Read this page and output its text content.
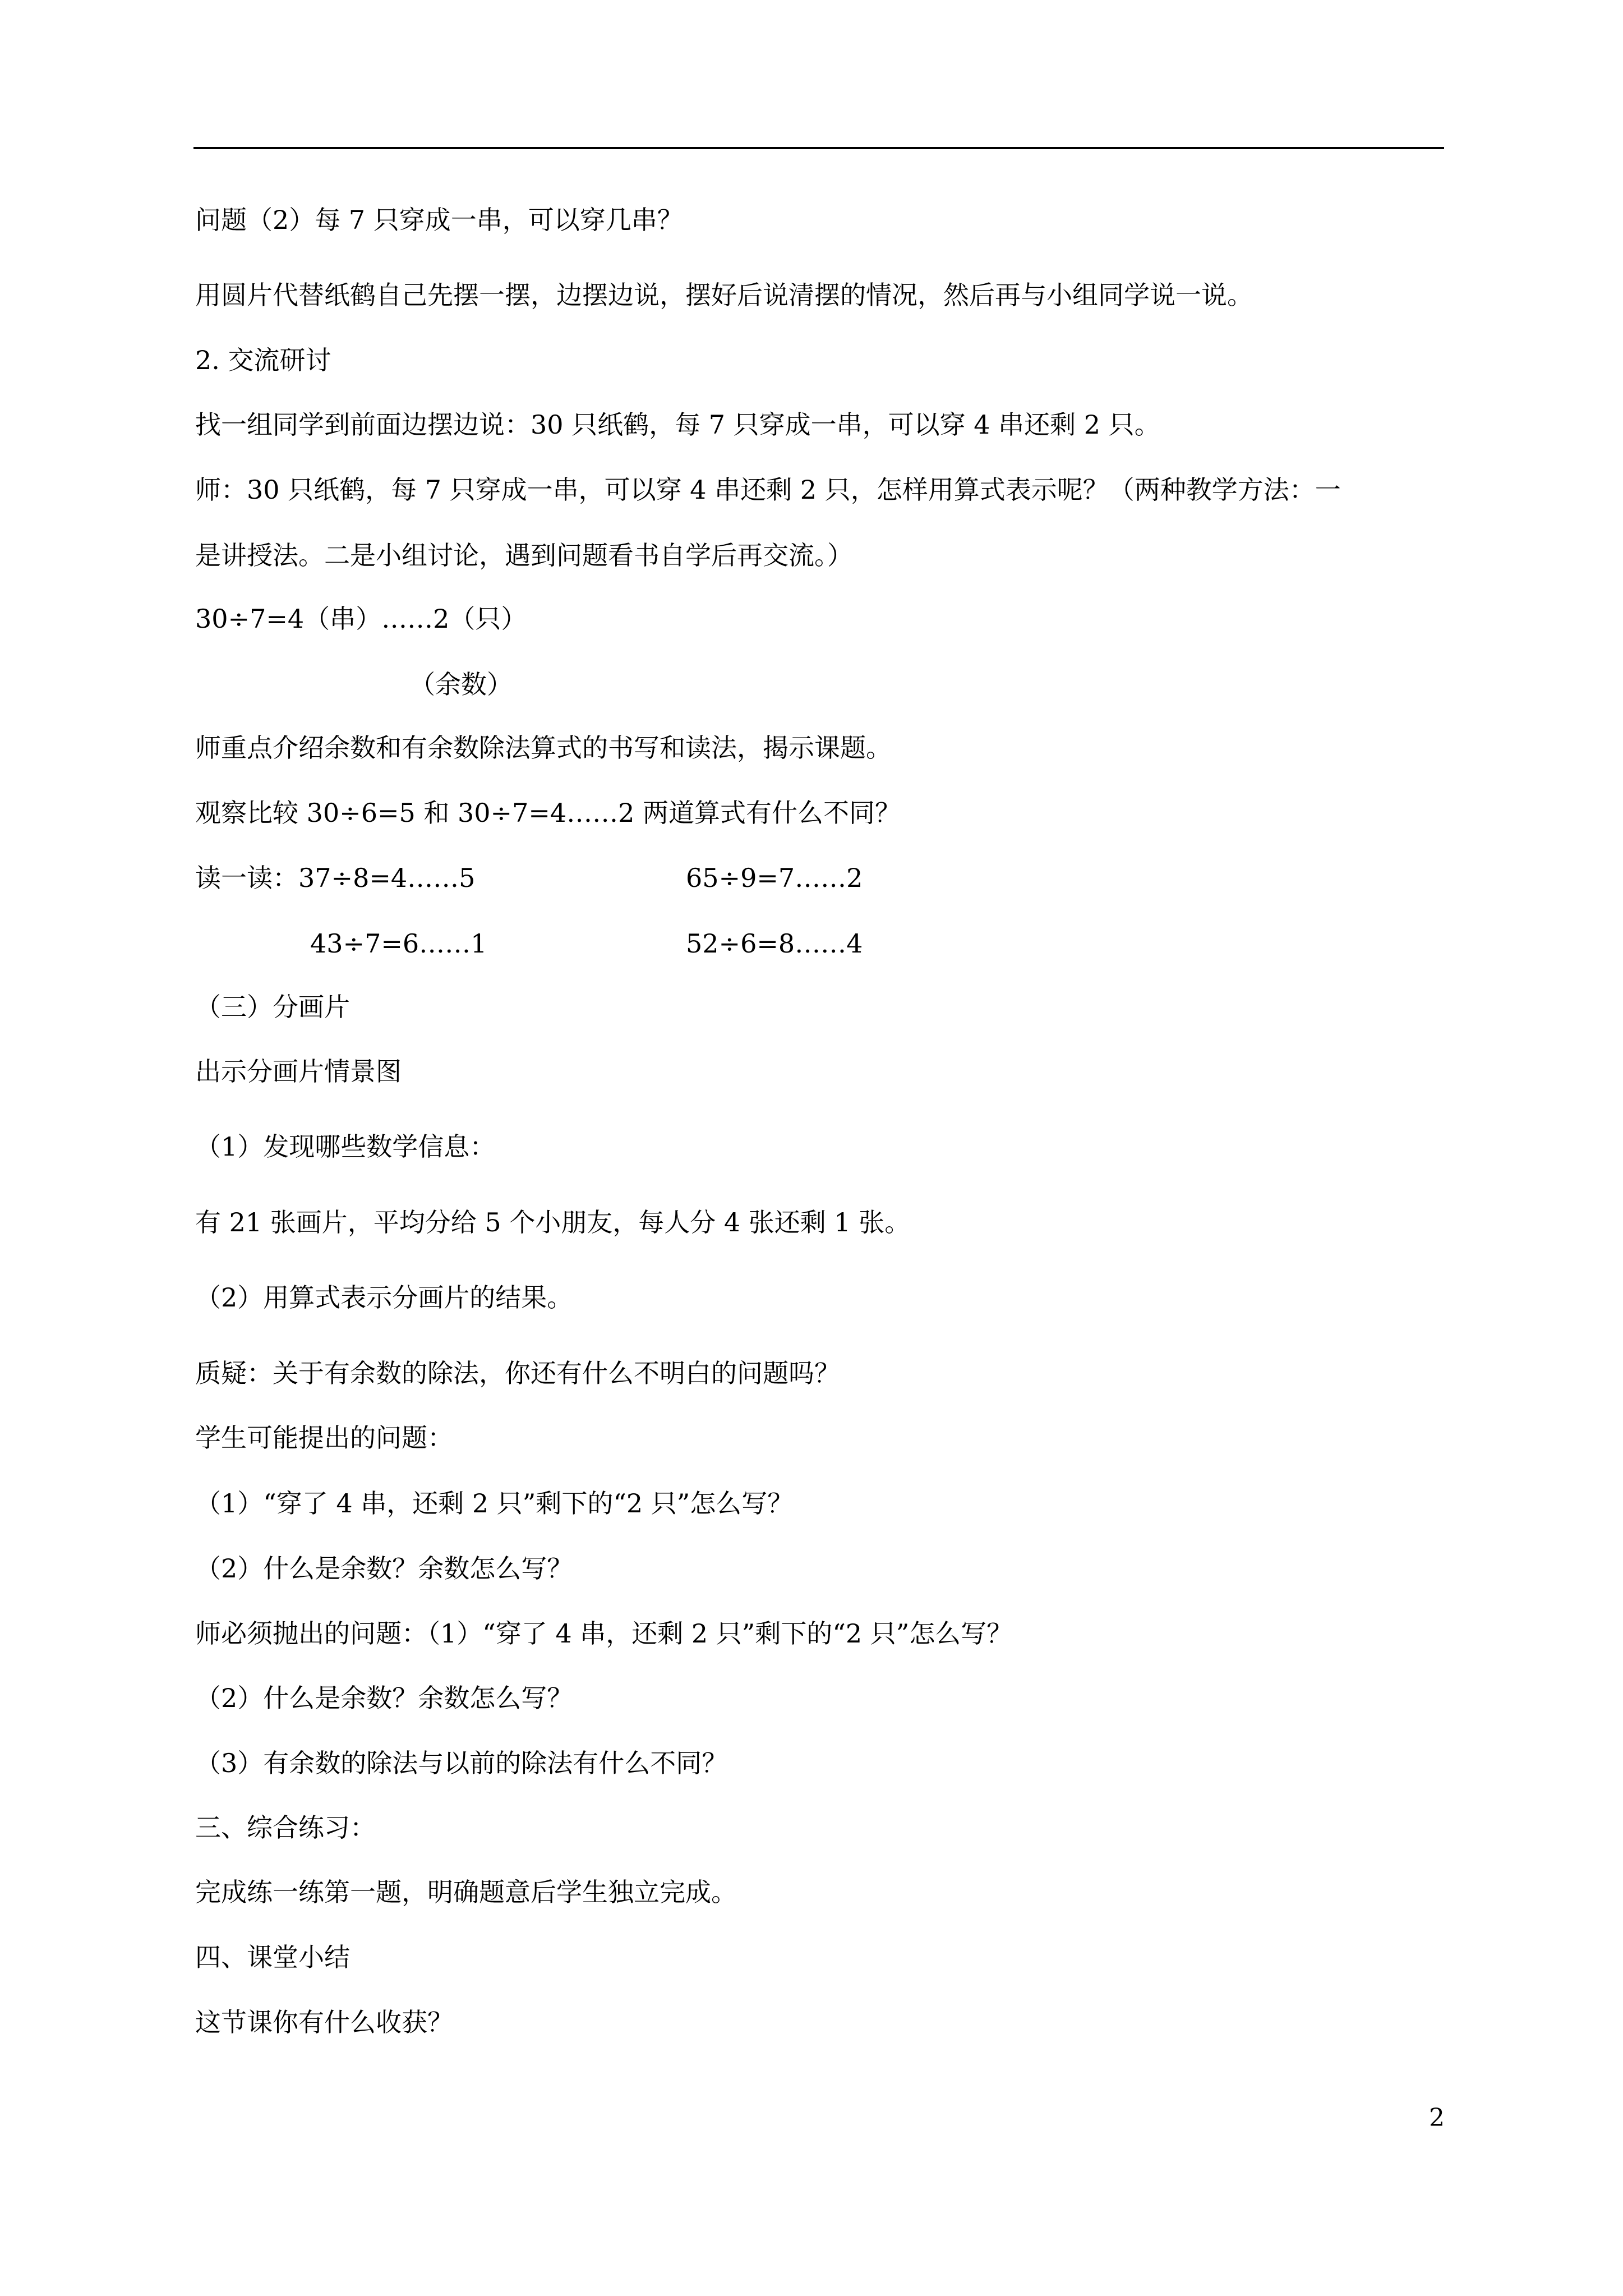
问题（2）每 7 只穿成一串，可以穿几串？
用圆片代替纸鹤自己先摆一摆，边摆边说，摆好后说清摆的情况，然后再与小组同学说一说。
2. 交流研讨
找一组同学到前面边摆边说：30 只纸鹤，每 7 只穿成一串，可以穿 4 串还剩 2 只。
师：30 只纸鹤，每 7 只穿成一串，可以穿 4 串还剩 2 只，怎样用算式表示呢？（两种教学方法：一
是讲授法。二是小组讨论，遇到问题看书自学后再交流。）
30÷7=4（串）……2（只）
（余数）
师重点介绍余数和有余数除法算式的书写和读法，揭示课题。
观察比较 30÷6=5 和 30÷7=4……2 两道算式有什么不同？
读一读：37÷8=4……5	65÷9=7……2
43÷7=6……1	52÷6=8……4
（三）分画片
出示分画片情景图
（1）发现哪些数学信息：
有 21 张画片，平均分给 5 个小朋友，每人分 4 张还剩 1 张。
（2）用算式表示分画片的结果。
质疑：关于有余数的除法，你还有什么不明白的问题吗？
学生可能提出的问题：
（1）“穿了 4 串，还剩 2 只”剩下的“2 只”怎么写？
（2）什么是余数？余数怎么写？
师必须抛出的问题：（1）“穿了 4 串，还剩 2 只”剩下的“2 只”怎么写？
（2）什么是余数？余数怎么写？
（3）有余数的除法与以前的除法有什么不同？
三、综合练习：
完成练一练第一题，明确题意后学生独立完成。
四、课堂小结
这节课你有什么收获？
2
